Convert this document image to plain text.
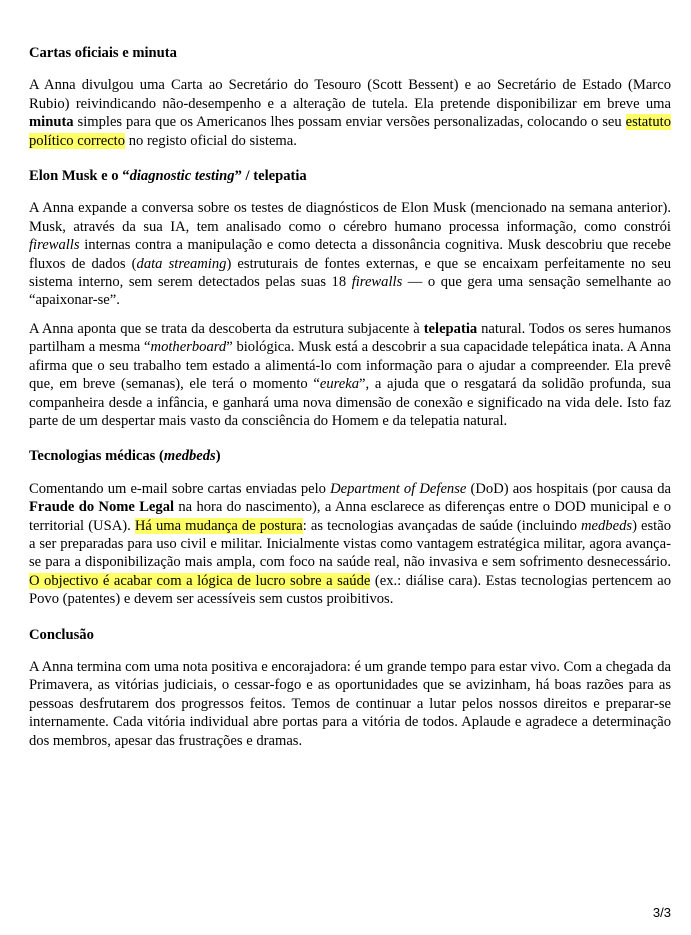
Cartas oficiais e minuta

A Anna divulgou uma Carta ao Secretário do Tesouro (Scott Bessent) e ao Secretário de Estado (Marco Rubio) reivindicando não-desempenho e a alteração de tutela. Ela pretende disponibilizar em breve uma minuta simples para que os Americanos lhes possam enviar versões personalizadas, colocando o seu estatuto político correcto no registo oficial do sistema.

Elon Musk e o “diagnostic testing” / telepatia

A Anna expande a conversa sobre os testes de diagnósticos de Elon Musk (mencionado na semana anterior). Musk, através da sua IA, tem analisado como o cérebro humano processa informação, como constrói firewalls internas contra a manipulação e como detecta a dissonância cognitiva. Musk descobriu que recebe fluxos de dados (data streaming) estruturais de fontes externas, e que se encaixam perfeitamente no seu sistema interno, sem serem detectados pelas suas 18 firewalls — o que gera uma sensação semelhante ao “apaixonar-se”.

A Anna aponta que se trata da descoberta da estrutura subjacente à telepatia natural. Todos os seres humanos partilham a mesma “motherboard” biológica. Musk está a descobrir a sua capacidade telepática inata. A Anna afirma que o seu trabalho tem estado a alimentá-lo com informação para o ajudar a compreender. Ela prevê que, em breve (semanas), ele terá o momento “eureka”, a ajuda que o resgatará da solidão profunda, sua companheira desde a infância, e ganhará uma nova dimensão de conexão e significado na vida dele. Isto faz parte de um despertar mais vasto da consciência do Homem e da telepatia natural.

Tecnologias médicas (medbeds)

Comentando um e-mail sobre cartas enviadas pelo Department of Defense (DoD) aos hospitais (por causa da Fraude do Nome Legal na hora do nascimento), a Anna esclarece as diferenças entre o DOD municipal e o territorial (USA). Há uma mudança de postura: as tecnologias avançadas de saúde (incluindo medbeds) estão a ser preparadas para uso civil e militar. Inicialmente vistas como vantagem estratégica militar, agora avança-se para a disponibilização mais ampla, com foco na saúde real, não invasiva e sem sofrimento desnecessário. O objectivo é acabar com a lógica de lucro sobre a saúde (ex.: diálise cara). Estas tecnologias pertencem ao Povo (patentes) e devem ser acessíveis sem custos proibitivos.

Conclusão

A Anna termina com uma nota positiva e encorajadora: é um grande tempo para estar vivo. Com a chegada da Primavera, as vitórias judiciais, o cessar-fogo e as oportunidades que se avizinham, há boas razões para as pessoas desfrutarem dos progressos feitos. Temos de continuar a lutar pelos nossos direitos e preparar-se internamente. Cada vitória individual abre portas para a vitória de todos. Aplaude e agradece a determinação dos membros, apesar das frustrações e dramas.

3/3
